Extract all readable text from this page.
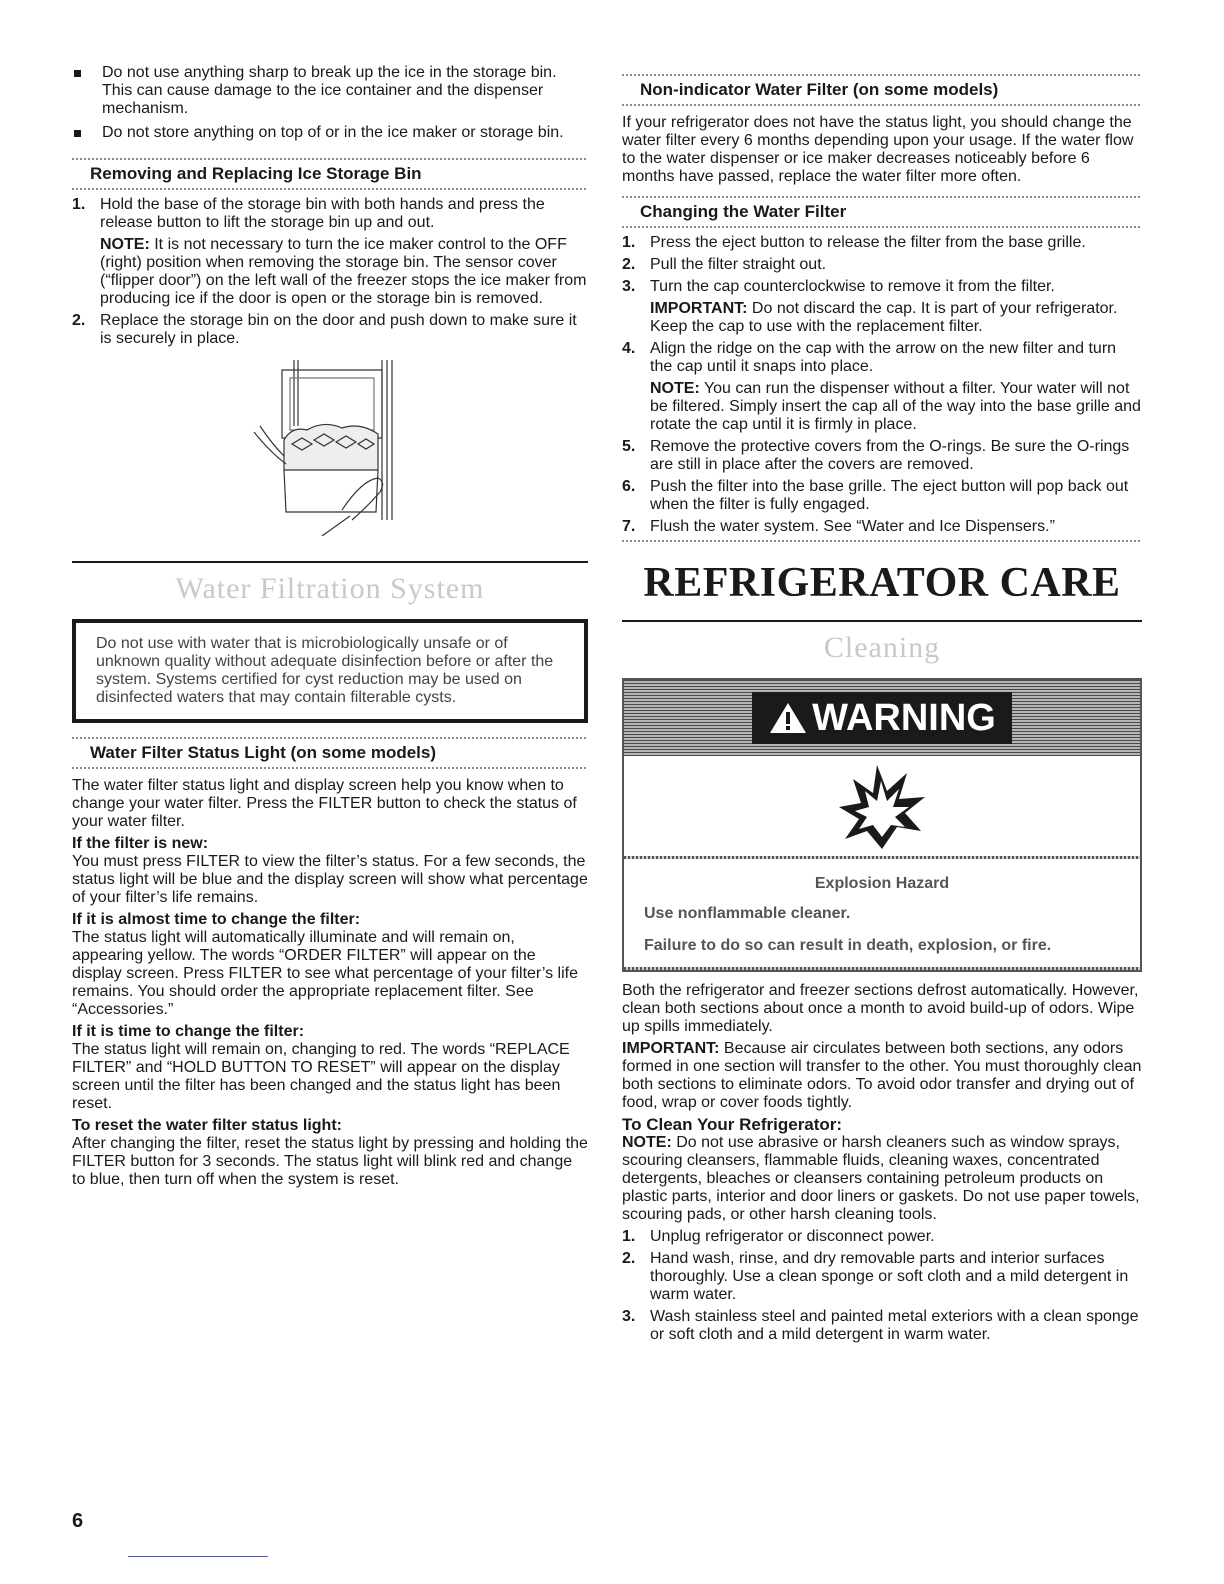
Do not use anything sharp to break up the ice in the storage bin. This can cause damage to the ice container and the dispenser mechanism.
Do not store anything on top of or in the ice maker or storage bin.
Removing and Replacing Ice Storage Bin
1. Hold the base of the storage bin with both hands and press the release button to lift the storage bin up and out.
NOTE: It is not necessary to turn the ice maker control to the OFF (right) position when removing the storage bin. The sensor cover (“flipper door”) on the left wall of the freezer stops the ice maker from producing ice if the door is open or the storage bin is removed.
2. Replace the storage bin on the door and push down to make sure it is securely in place.
Water Filtration System
Do not use with water that is microbiologically unsafe or of unknown quality without adequate disinfection before or after the system. Systems certified for cyst reduction may be used on disinfected waters that may contain filterable cysts.
Water Filter Status Light (on some models)

The water filter status light and display screen help you know when to change your water filter. Press the FILTER button to check the status of your water filter.

If the filter is new:

You must press FILTER to view the filter’s status. For a few seconds, the status light will be blue and the display screen will show what percentage of your filter’s life remains.

If it is almost time to change the filter:

The status light will automatically illuminate and will remain on, appearing yellow. The words “ORDER FILTER” will appear on the display screen. Press FILTER to see what percentage of your filter’s life remains. You should order the appropriate replacement filter. See “Accessories.”

If it is time to change the filter:

The status light will remain on, changing to red. The words “REPLACE FILTER” and “HOLD BUTTON TO RESET” will appear on the display screen until the filter has been changed and the status light has been reset.

To reset the water filter status light:

After changing the filter, reset the status light by pressing and holding the FILTER button for 3 seconds. The status light will blink red and change to blue, then turn off when the system is reset.

Non-indicator Water Filter (on some models)

If your refrigerator does not have the status light, you should change the water filter every 6 months depending upon your usage. If the water flow to the water dispenser or ice maker decreases noticeably before 6 months have passed, replace the water filter more often.

Changing the Water Filter
1. Press the eject button to release the filter from the base grille.
2. Pull the filter straight out.
3. Turn the cap counterclockwise to remove it from the filter.
IMPORTANT: Do not discard the cap. It is part of your refrigerator. Keep the cap to use with the replacement filter.
4. Align the ridge on the cap with the arrow on the new filter and turn the cap until it snaps into place.
NOTE: You can run the dispenser without a filter. Your water will not be filtered. Simply insert the cap all of the way into the base grille and rotate the cap until it is firmly in place.
5. Remove the protective covers from the O-rings. Be sure the O-rings are still in place after the covers are removed.
6. Push the filter into the base grille. The eject button will pop back out when the filter is fully engaged.
7. Flush the water system. See “Water and Ice Dispensers.”
REFRIGERATOR CARE
Cleaning
WARNING
Explosion Hazard

Use nonflammable cleaner.

Failure to do so can result in death, explosion, or fire.

Both the refrigerator and freezer sections defrost automatically. However, clean both sections about once a month to avoid build-up of odors. Wipe up spills immediately.

IMPORTANT: Because air circulates between both sections, any odors formed in one section will transfer to the other. You must thoroughly clean both sections to eliminate odors. To avoid odor transfer and drying out of food, wrap or cover foods tightly.

To Clean Your Refrigerator:

NOTE: Do not use abrasive or harsh cleaners such as window sprays, scouring cleansers, flammable fluids, cleaning waxes, concentrated detergents, bleaches or cleansers containing petroleum products on plastic parts, interior and door liners or gaskets. Do not use paper towels, scouring pads, or other harsh cleaning tools.

1. Unplug refrigerator or disconnect power.
2. Hand wash, rinse, and dry removable parts and interior surfaces thoroughly. Use a clean sponge or soft cloth and a mild detergent in warm water.
3. Wash stainless steel and painted metal exteriors with a clean sponge or soft cloth and a mild detergent in warm water.
6
